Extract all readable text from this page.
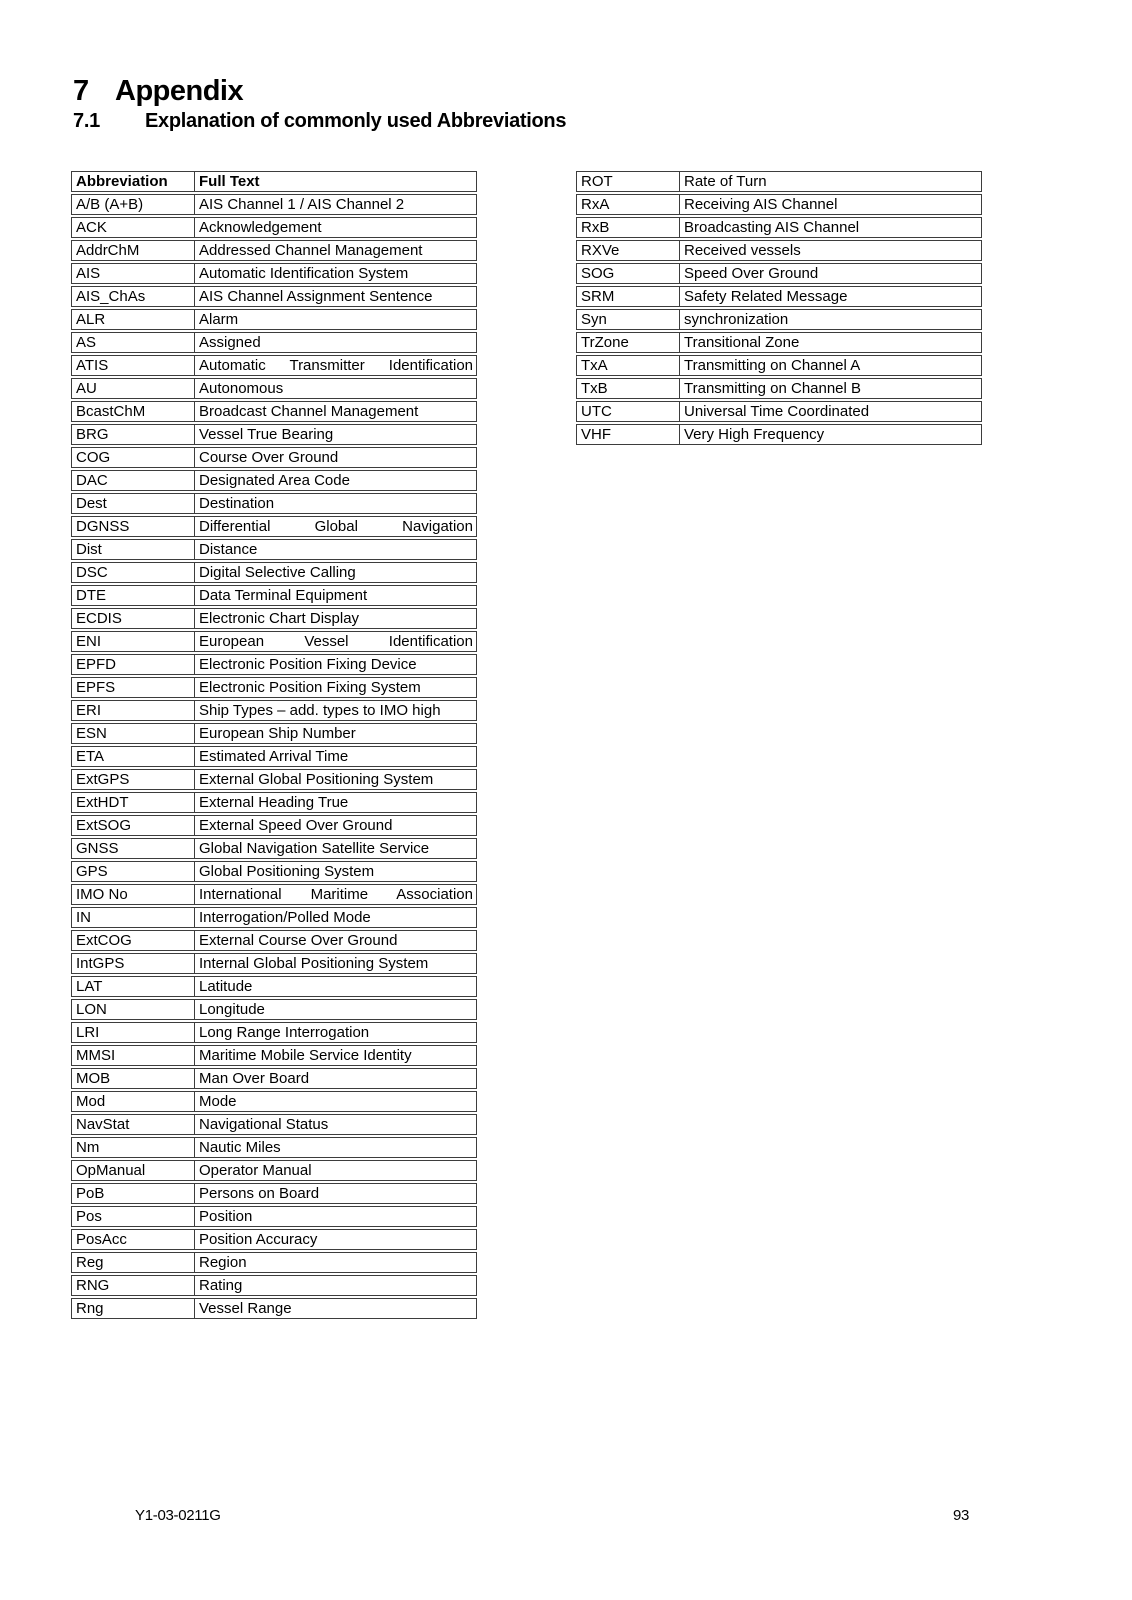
7 Appendix
7.1 Explanation of commonly used Abbreviations
Abbreviation	Full Text
A/B (A+B)	AIS Channel 1 / AIS Channel 2
ACK	Acknowledgement
AddrChM	Addressed Channel Management
AIS	Automatic Identification System
AIS_ChAs	AIS Channel Assignment Sentence
ALR	Alarm
AS	Assigned
ATIS	Automatic Transmitter Identification
AU	Autonomous
BcastChM	Broadcast Channel Management
BRG	Vessel True Bearing
COG	Course Over Ground
DAC	Designated Area Code
Dest	Destination
DGNSS	Differential Global Navigation
Dist	Distance
DSC	Digital Selective Calling
DTE	Data Terminal Equipment
ECDIS	Electronic Chart Display
ENI	European Vessel Identification
EPFD	Electronic Position Fixing Device
EPFS	Electronic Position Fixing System
ERI	Ship Types – add. types to IMO high
ESN	European Ship Number
ETA	Estimated Arrival Time
ExtGPS	External Global Positioning System
ExtHDT	External Heading True
ExtSOG	External Speed Over Ground
GNSS	Global Navigation Satellite Service
GPS	Global Positioning System
IMO No	International Maritime Association
IN	Interrogation/Polled Mode
ExtCOG	External Course Over Ground
IntGPS	Internal Global Positioning System
LAT	Latitude
LON	Longitude
LRI	Long Range Interrogation
MMSI	Maritime Mobile Service Identity
MOB	Man Over Board
Mod	Mode
NavStat	Navigational Status
Nm	Nautic Miles
OpManual	Operator Manual
PoB	Persons on Board
Pos	Position
PosAcc	Position Accuracy
Reg	Region
RNG	Rating
Rng	Vessel Range
ROT	Rate of Turn
RxA	Receiving AIS Channel
RxB	Broadcasting AIS Channel
RXVe	Received vessels
SOG	Speed Over Ground
SRM	Safety Related Message
Syn	synchronization
TrZone	Transitional Zone
TxA	Transmitting on Channel A
TxB	Transmitting on Channel B
UTC	Universal Time Coordinated
VHF	Very High Frequency
Y1-03-0211G	93
